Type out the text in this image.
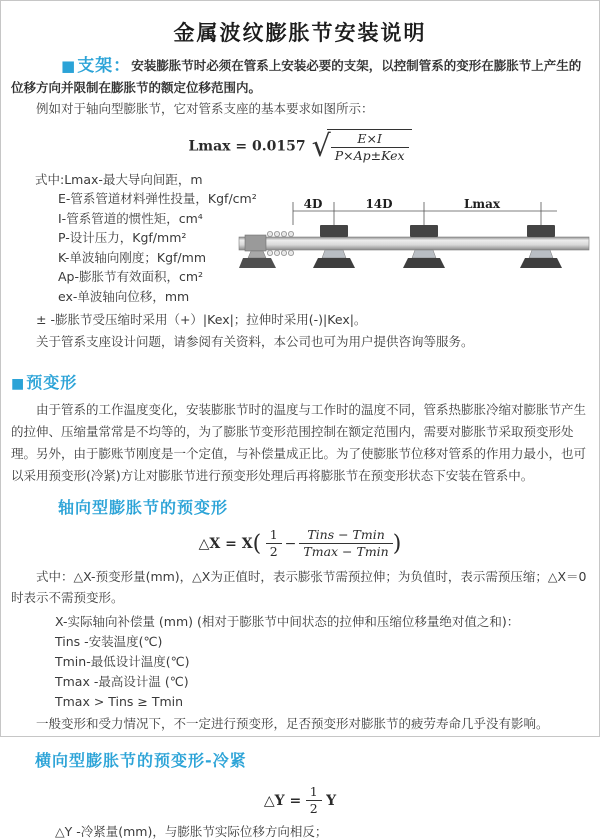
金属波纹膨胀节安装说明

■支架：安装膨胀节时必须在管系上安装必要的支架，以控制管系的变形在膨胀节上产生的位移方向并限制在膨胀节的额定位移范围内。

例如对于轴向型膨胀节，它对管系支座的基本要求如图所示：

Lmax = 0.0157 √ $\frac{E\times I}{\text{P×Ap±Kex}}$
式中:Lmax-最大导向间距，m
E-管系管道材料弹性投量，Kgf/cm²
I-管系管道的惯性矩，cm⁴
P-设计压力，Kgf/mm²
K-单波轴向刚度；Kgf/mm
Ap-膨胀节有效面积，cm²
ex-单波轴向位移，mm
4D	14D	Lmax

± -膨胀节受压缩时采用（+）|Kex|；拉伸时采用(-)|Kex|。

关于管系支座设计问题，请参阅有关资料，本公司也可为用户提供咨询等服务。

■预变形

由于管系的工作温度变化，安装膨胀节时的温度与工作时的温度不同，管系热膨胀冷缩对膨胀节产生的拉伸、压缩量常常是不均等的，为了膨胀节变形范围控制在额定范围内，需要对膨胀节采取预变形处理。另外，由于膨账节刚度是一个定值，与补偿量成正比。为了使膨胀节位移对管系的作用力最小，也可以采用预变形(冷紧)方让对膨胀节进行预变形处理后再将膨胀节在预变形状态下安装在管系中。

轴向型膨胀节的预变形
△X = $X( \frac{1}{2} - \frac{\text{Tins − Tmin}}{Tmax - Tmin}$ )

式中：△X-预变形量(mm)，△X为正值时，表示膨张节需预拉伸；为负值时，表示需预压缩；△X＝0时表示不需预变形。

X-实际轴向补偿量 (mm) (相对于膨胀节中间状态的拉伸和压缩位移量绝对值之和)：

Tins -安装温度(℃)

Tmin-最低设计温度(℃)

Tmax -最高设计温 (℃)

Tmax > Tins ≥ Tmin

一般变形和受力情况下，不一定进行预变形，足否预变形对膨胀节的疲劳寿命几乎没有影响。

横向型膨胀节的预变形-冷紧
△Y = $\frac{1}{2}$ Y

△Y -冷紧量(mm)，与膨胀节实际位移方向相反；
